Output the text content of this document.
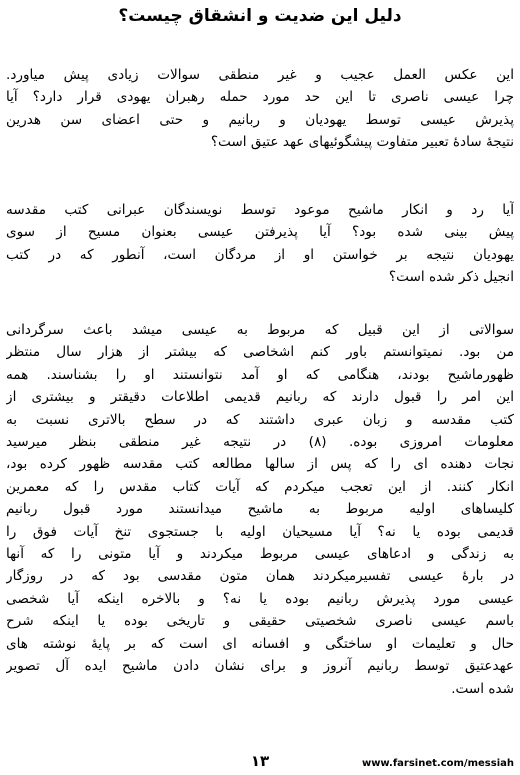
دلیل این ضدیت و انشقاق چیست؟
این عکس العمل عجیب و غیر منطقی سوالات زیادی پیش میاورد.
چرا عیسی ناصری تا این حد مورد حمله رهبران یهودی قرار دارد؟ آیا
پذیرش عیسی توسط یهودیان و ربانیم و حتی اعضای سن هدرین
نتیجهٔ سادهٔ تعبیر متفاوت پیشگوئیهای عهد عتیق است؟
آیا رد و انکار ماشیح موعود توسط نویسندگان عبرانی کتب مقدسه
پیش بینی شده بود؟ آیا پذیرفتن عیسی بعنوان مسیح از سوی
یهودیان نتیجه بر خواستن او از مردگان است، آنطور که در کتب
انجیل ذکر شده است؟
سوالاتی از این قبیل که مربوط به عیسی میشد باعث سرگردانی
من بود. نمیتوانستم باور کنم اشخاصی که بیشتر از هزار سال منتظر
ظهورماشیح بودند، هنگامی که او آمد نتوانستند او را بشناسند. همه
این امر را قبول دارند که ربانیم قدیمی اطلاعات دقیقتر و بیشتری از
کتب مقدسه و زبان عبری داشتند که در سطح بالاتری نسبت به
معلومات امروزی بوده. (۸) در نتیجه غیر منطقی بنظر میرسید
نجات دهنده ای را که پس از سالها مطالعه کتب مقدسه ظهور کرده بود،
انکار کنند. از این تعجب میکردم که آیات کتاب مقدس را که معمرین
کلیساهای اولیه مربوط به ماشیح میدانستند مورد قبول ربانیم
قدیمی بوده یا نه؟ آیا مسیحیان اولیه با جستجوی تنخ آیات فوق را
به زندگی و ادعاهای عیسی مربوط میکردند و آیا متونی را که آنها
در بارهٔ عیسی تفسیرمیکردند همان متون مقدسی بود که در روزگار
عیسی مورد پذیرش ربانیم بوده یا نه؟ و بالاخره اینکه آیا شخصی
باسم عیسی ناصری شخصیتی حقیقی و تاریخی بوده یا اینکه شرح
حال و تعلیمات او ساختگی و افسانه ای است که بر پایهٔ نوشته های
عهدعتیق توسط ربانیم آنروز و برای نشان دادن ماشیح ایده آل تصویر
شده است.
۱۳	www.farsinet.com/messiah
